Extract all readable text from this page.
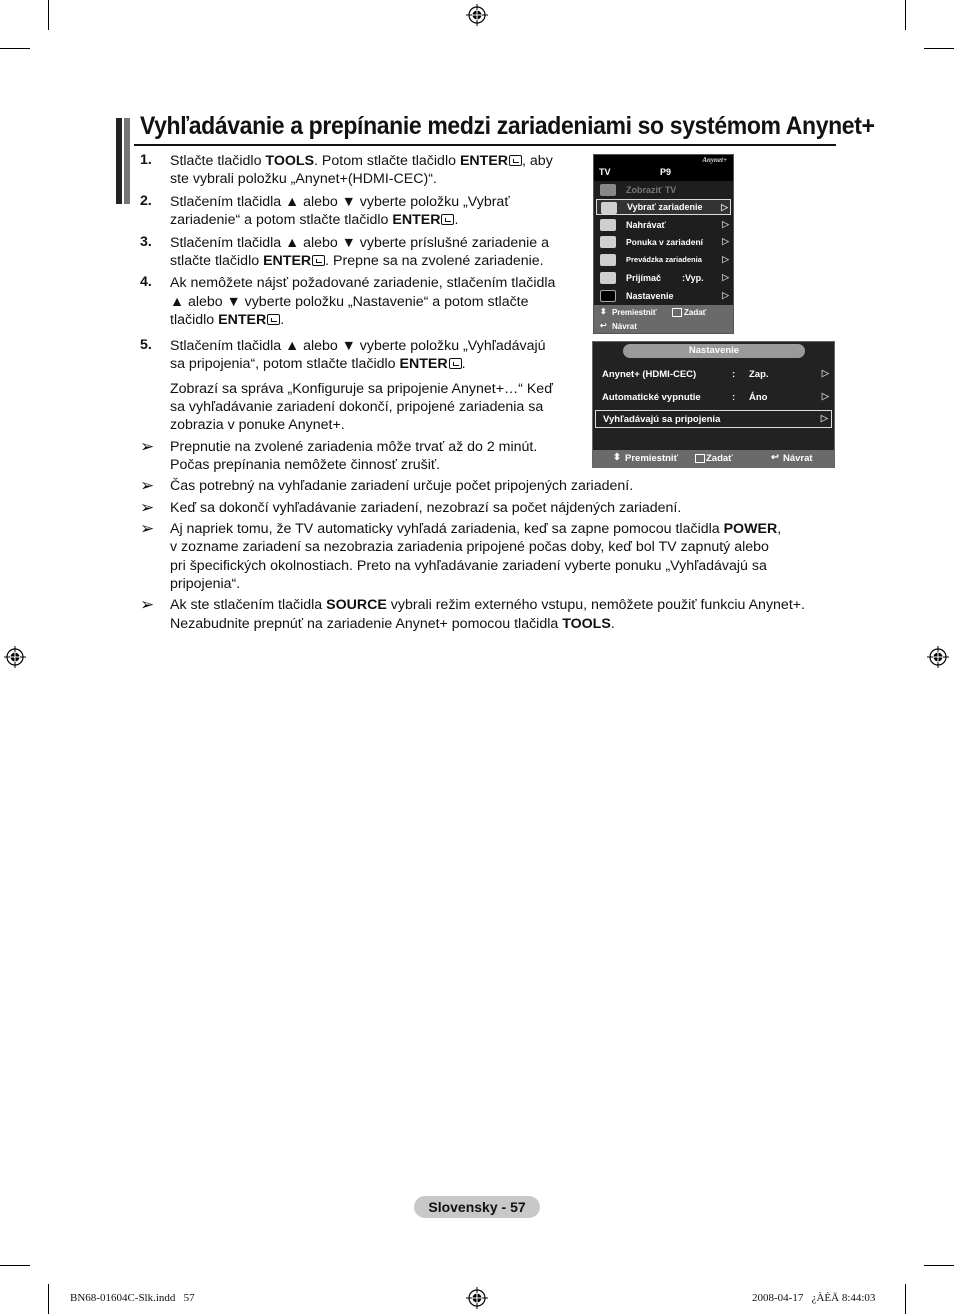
Vyhľadávanie a prepínanie medzi zariadeniami so systémom Anynet+
1. Stlačte tlačidlo TOOLS. Potom stlačte tlačidlo ENTER , aby
ste vybrali položku „Anynet+(HDMI-CEC)“.
2. Stlačením tlačidla ▲ alebo ▼ vyberte položku „Vybrať
zariadenie“ a potom stlačte tlačidlo ENTER .
3. Stlačením tlačidla ▲ alebo ▼ vyberte príslušné zariadenie a
stlačte tlačidlo ENTER . Prepne sa na zvolené zariadenie.
4. Ak nemôžete nájsť požadované zariadenie, stlačením tlačidla
▲ alebo ▼ vyberte položku „Nastavenie“ a potom stlačte
tlačidlo ENTER .
5. Stlačením tlačidla ▲ alebo ▼ vyberte položku „Vyhľadávajú
sa pripojenia“, potom stlačte tlačidlo ENTER .
Zobrazí sa správa „Konfiguruje sa pripojenie Anynet+…“ Keď
sa vyhľadávanie zariadení dokončí, pripojené zariadenia sa
zobrazia v ponuke Anynet+.
➢ Prepnutie na zvolené zariadenia môže trvať až do 2 minút.
Počas prepínania nemôžete činnosť zrušiť.
➢ Čas potrebný na vyhľadanie zariadení určuje počet pripojených zariadení.
➢ Keď sa dokončí vyhľadávanie zariadení, nezobrazí sa počet nájdených zariadení.
➢ Aj napriek tomu, že TV automaticky vyhľadá zariadenia, keď sa zapne pomocou tlačidla POWER,
v zozname zariadení sa nezobrazia zariadenia pripojené počas doby, keď bol TV zapnutý alebo
pri špecifických okolnostiach. Preto na vyhľadávanie zariadení vyberte ponuku „Vyhľadávajú sa
pripojenia“.
➢ Ak ste stlačením tlačidla SOURCE vybrali režim externého vstupu, nemôžete použiť funkciu Anynet+.
Nezabudnite prepnúť na zariadenie Anynet+ pomocou tlačidla TOOLS.
Anynet+
TV	P9
Zobraziť TV
Vybrať zariadenie ▷
Nahrávať	▷
Ponuka v zariadení ▷
Prevádzka zariadenia ▷
Prijímač :Vyp. ▷
Nastavenie	▷
⬍ Premiestniť	Zadať
↩ Návrat
Nastavenie
Anynet+ (HDMI-CEC)	: Zap.	▷
Automatické vypnutie	: Áno	▷
Vyhľadávajú sa pripojenia	▷
⬍ Premiestniť	Zadať	↩ Návrat
Slovensky - 57
BN68-01604C-Slk.indd   57	2008-04-17   ¿ÀÈÄ 8:44:03
